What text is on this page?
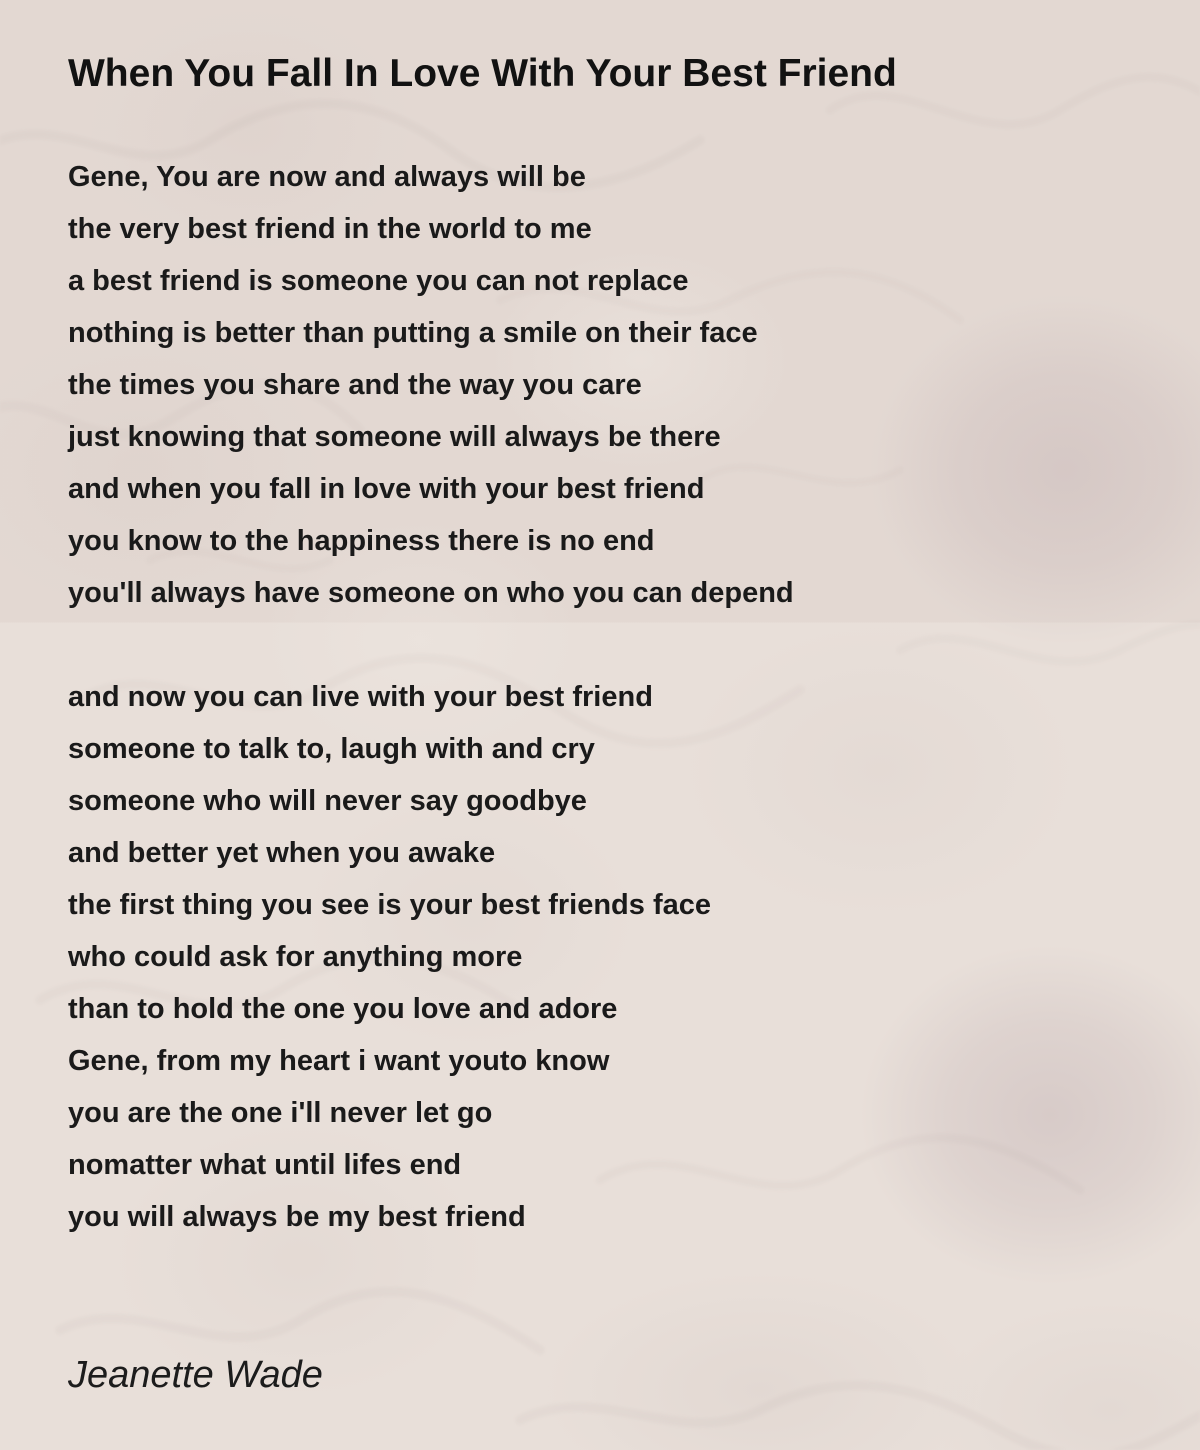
When You Fall In Love With Your Best Friend

Gene, You are now and always will be

the very best friend in the world to me

a best friend is someone you can not replace

nothing is better than putting a smile on their face

the times you share and the way you care

just knowing that someone will always be there

and when you fall in love with your best friend

you know to the happiness there is no end

you'll always have someone on who you can depend

and now you can live with your best friend

someone to talk to, laugh with and cry

someone who will never say goodbye

and better yet when you awake

the first thing you see is your best friends face

who could ask for anything more

than to hold the one you love and adore

Gene, from my heart i want youto know

you are the one i'll never let go

nomatter what until lifes end

you will always be my best friend

Jeanette Wade
